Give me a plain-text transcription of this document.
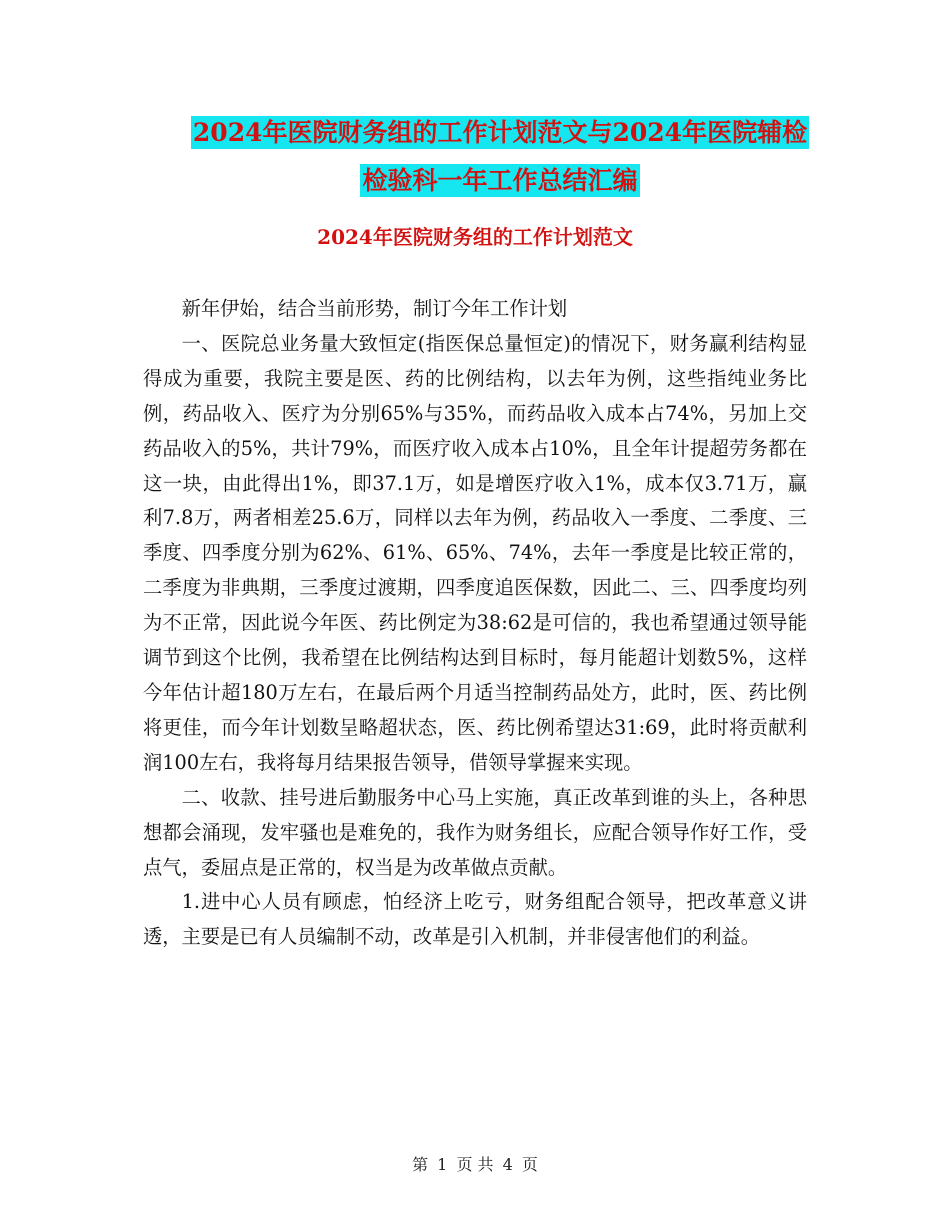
2024年医院财务组的工作计划范文与2024年医院辅检
检验科一年工作总结汇编
2024年医院财务组的工作计划范文

新年伊始，结合当前形势，制订今年工作计划

一、医院总业务量大致恒定(指医保总量恒定)的情况下，财务赢利结构显得成为重要，我院主要是医、药的比例结构，以去年为例，这些指纯业务比例，药品收入、医疗为分别65%与35%，而药品收入成本占74%，另加上交药品收入的5%，共计79%，而医疗收入成本占10%，且全年计提超劳务都在这一块，由此得出1%，即37.1万，如是增医疗收入1%，成本仅3.71万，赢利7.8万，两者相差25.6万，同样以去年为例，药品收入一季度、二季度、三季度、四季度分别为62%、61%、65%、74%，去年一季度是比较正常的，二季度为非典期，三季度过渡期，四季度追医保数，因此二、三、四季度均列为不正常，因此说今年医、药比例定为38:62是可信的，我也希望通过领导能调节到这个比例，我希望在比例结构达到目标时，每月能超计划数5%，这样今年估计超180万左右，在最后两个月适当控制药品处方，此时，医、药比例将更佳，而今年计划数呈略超状态，医、药比例希望达31:69，此时将贡献利润100左右，我将每月结果报告领导，借领导掌握来实现。

二、收款、挂号进后勤服务中心马上实施，真正改革到谁的头上，各种思想都会涌现，发牢骚也是难免的，我作为财务组长，应配合领导作好工作，受点气，委屈点是正常的，权当是为改革做点贡献。

1.进中心人员有顾虑，怕经济上吃亏，财务组配合领导，把改革意义讲透，主要是已有人员编制不动，改革是引入机制，并非侵害他们的利益。

第 1 页 共 4 页
